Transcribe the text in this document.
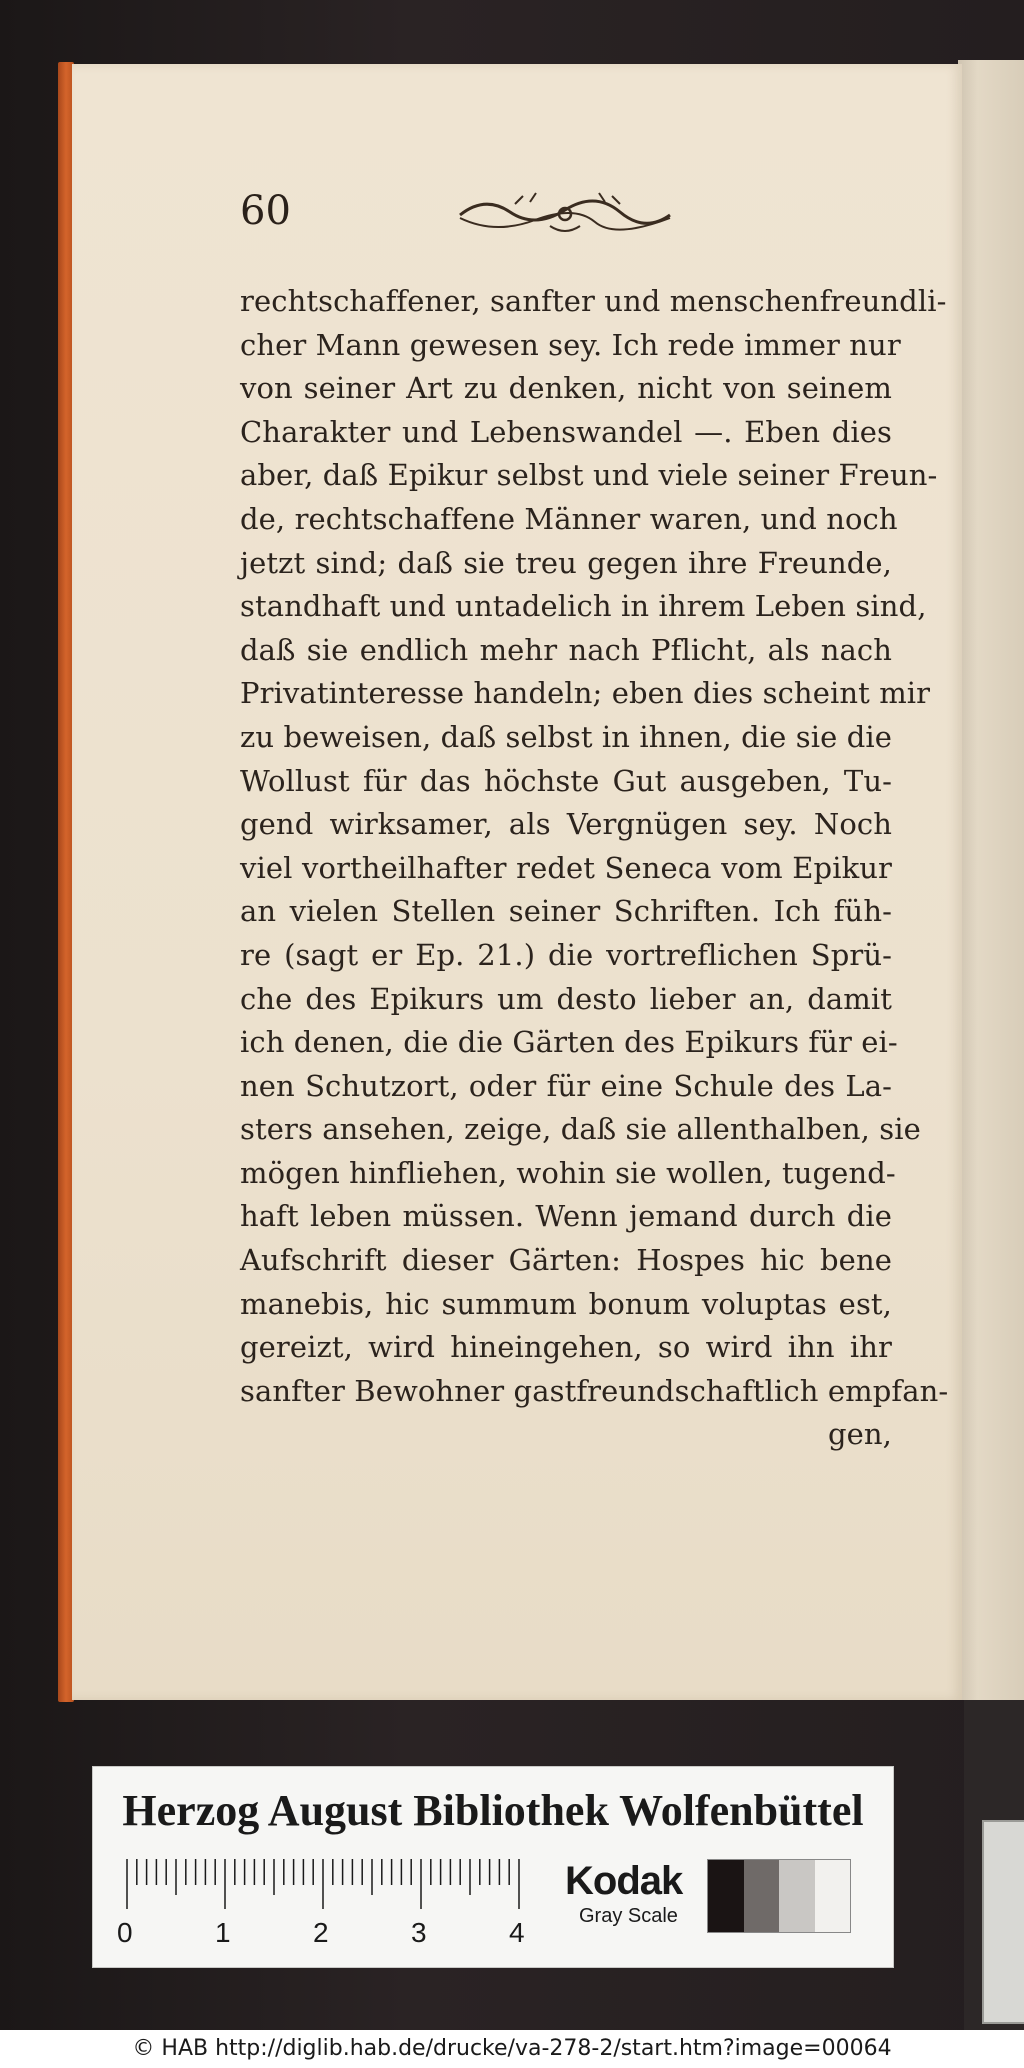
60
rechtschaffener, sanfter und menschenfreundli-
cher Mann gewesen sey. Ich rede immer nur
von seiner Art zu denken, nicht von seinem
Charakter und Lebenswandel —. Eben dies
aber, daß Epikur selbst und viele seiner Freun-
de, rechtschaffene Männer waren, und noch
jetzt sind; daß sie treu gegen ihre Freunde,
standhaft und untadelich in ihrem Leben sind,
daß sie endlich mehr nach Pflicht, als nach
Privatinteresse handeln; eben dies scheint mir
zu beweisen, daß selbst in ihnen, die sie die
Wollust für das höchste Gut ausgeben, Tu-
gend wirksamer, als Vergnügen sey. Noch
viel vortheilhafter redet Seneca vom Epikur
an vielen Stellen seiner Schriften. Ich füh-
re (sagt er Ep. 21.) die vortreflichen Sprü-
che des Epikurs um desto lieber an, damit
ich denen, die die Gärten des Epikurs für ei-
nen Schutzort, oder für eine Schule des La-
sters ansehen, zeige, daß sie allenthalben, sie
mögen hinfliehen, wohin sie wollen, tugend-
haft leben müssen. Wenn jemand durch die
Aufschrift dieser Gärten: Hospes hic bene
manebis, hic summum bonum voluptas est,
gereizt, wird hineingehen, so wird ihn ihr
sanfter Bewohner gastfreundschaftlich empfan-
gen,
Herzog August Bibliothek Wolfenbüttel
0	1	2	3	4
Kodak
Gray Scale
© HAB http://diglib.hab.de/drucke/va-278-2/start.htm?image=00064
